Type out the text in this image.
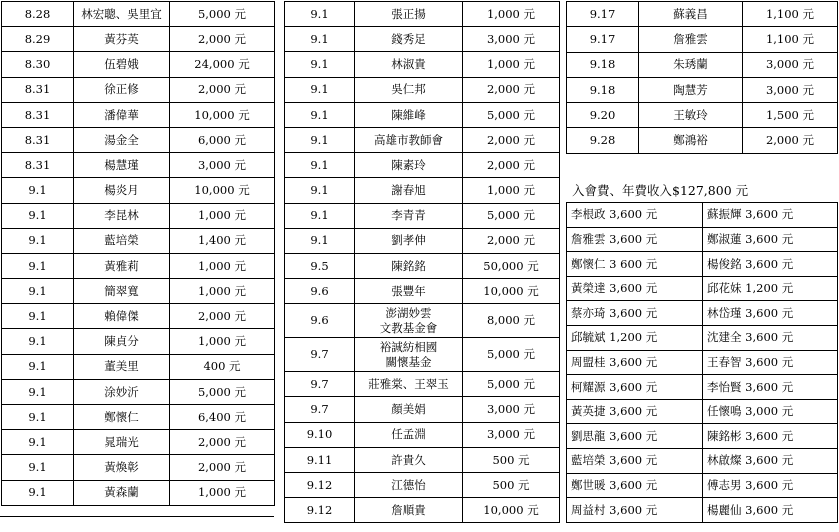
8.28	林宏聰、吳里宜	5,000 元
8.29	黃芬英	2,000 元
8.30	伍碧娥	24,000 元
8.31	徐正修	2,000 元
8.31	潘偉華	10,000 元
8.31	湯金全	6,000 元
8.31	楊慧瑾	3,000 元
9.1	楊炎月	10,000 元
9.1	李昆林	1,000 元
9.1	藍培榮	1,400 元
9.1	黃雅莉	1,000 元
9.1	簡翠寬	1,000 元
9.1	賴偉傑	2,000 元
9.1	陳貞分	1,000 元
9.1	董美里	400 元
9.1	涂妙沂	5,000 元
9.1	鄭懷仁	6,400 元
9.1	晁瑞光	2,000 元
9.1	黃煥彰	2,000 元
9.1	黃森蘭	1,000 元
9.1	張正揚	1,000 元
9.1	錢秀足	3,000 元
9.1	林淑貴	1,000 元
9.1	吳仁邦	2,000 元
9.1	陳維峰	5,000 元
9.1	高雄市教師會	2,000 元
9.1	陳素玲	2,000 元
9.1	謝春旭	1,000 元
9.1	李青青	5,000 元
9.1	劉孝伸	2,000 元
9.5	陳銘銘	50,000 元
9.6	張豐年	10,000 元
9.6	澎湖妙雲
文教基金會	8,000 元
9.7	裕誠紡相國
關懷基金	5,000 元
9.7	莊雅棠、王翠玉	5,000 元
9.7	顏美娟	3,000 元
9.10	任孟淵	3,000 元
9.11	許貴久	500 元
9.12	江德怡	500 元
9.12	詹順貴	10,000 元
9.17	蘇義昌	1,100 元
9.17	詹雅雲	1,100 元
9.18	朱琇蘭	3,000 元
9.18	陶慧芳	3,000 元
9.20	王敏玲	1,500 元
9.28	鄭鴻裕	2,000 元
入會費、年費收入$127,800 元
李根政 3,600 元	蘇振輝 3,600 元
詹雅雲 3,600 元	鄭淑蓮 3,600 元
鄭懷仁 3 600 元	楊俊銘 3,600 元
黃榮達 3,600 元	邱花妹 1,200 元
蔡亦琦 3,600 元	林岱瑾 3,600 元
邱毓斌 1,200 元	沈建全 3,600 元
周盟桂 3,600 元	王春智 3,600 元
柯耀源 3,600 元	李怡賢 3,600 元
黃英捷 3,600 元	任懷鳴 3,000 元
劉思龍 3,600 元	陳銘彬 3,600 元
藍培榮 3,600 元	林啟燦 3,600 元
鄭世暖 3,600 元	傅志男 3,600 元
周益村 3,600 元	楊麗仙 3,600 元
